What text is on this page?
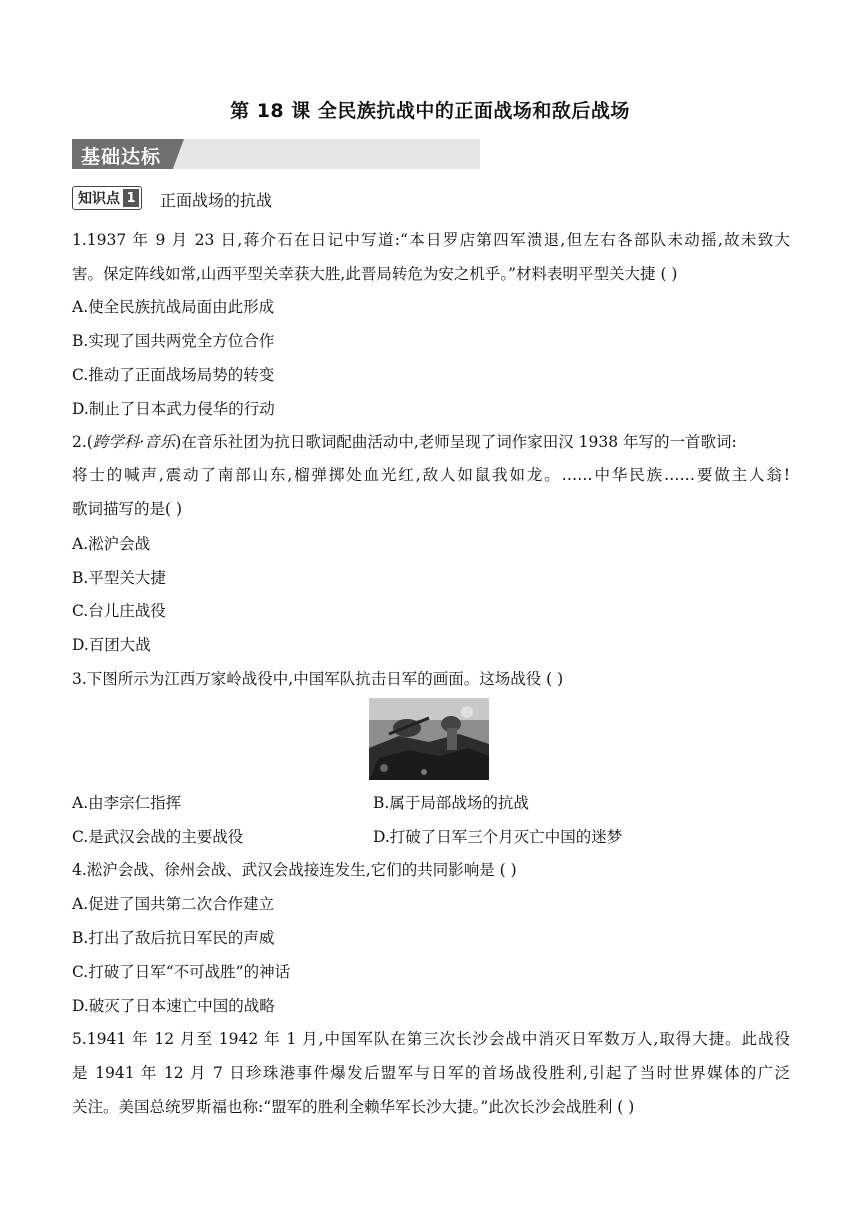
第 18 课 全民族抗战中的正面战场和敌后战场
基础达标
知识点 1 正面战场的抗战
1.1937 年 9 月 23 日,蒋介石在日记中写道:“本日罗店第四军溃退,但左右各部队未动摇,故未致大
害。保定阵线如常,山西平型关幸获大胜,此晋局转危为安之机乎。”材料表明平型关大捷 ( )
A.使全民族抗战局面由此形成
B.实现了国共两党全方位合作
C.推动了正面战场局势的转变
D.制止了日本武力侵华的行动
2.(跨学科·音乐)在音乐社团为抗日歌词配曲活动中,老师呈现了词作家田汉 1938 年写的一首歌词:
将士的喊声,震动了南部山东,榴弹掷处血光红,敌人如鼠我如龙。……中华民族……要做主人翁!
歌词描写的是( )
A.淞沪会战
B.平型关大捷
C.台儿庄战役
D.百团大战
3.下图所示为江西万家岭战役中,中国军队抗击日军的画面。这场战役 ( )
A.由李宗仁指挥	B.属于局部战场的抗战
C.是武汉会战的主要战役	D.打破了日军三个月灭亡中国的迷梦
4.淞沪会战、徐州会战、武汉会战接连发生,它们的共同影响是 ( )
A.促进了国共第二次合作建立
B.打出了敌后抗日军民的声威
C.打破了日军“不可战胜”的神话
D.破灭了日本速亡中国的战略
5.1941 年 12 月至 1942 年 1 月,中国军队在第三次长沙会战中消灭日军数万人,取得大捷。此战役
是 1941 年 12 月 7 日珍珠港事件爆发后盟军与日军的首场战役胜利,引起了当时世界媒体的广泛
关注。美国总统罗斯福也称:“盟军的胜利全赖华军长沙大捷。”此次长沙会战胜利 ( )
